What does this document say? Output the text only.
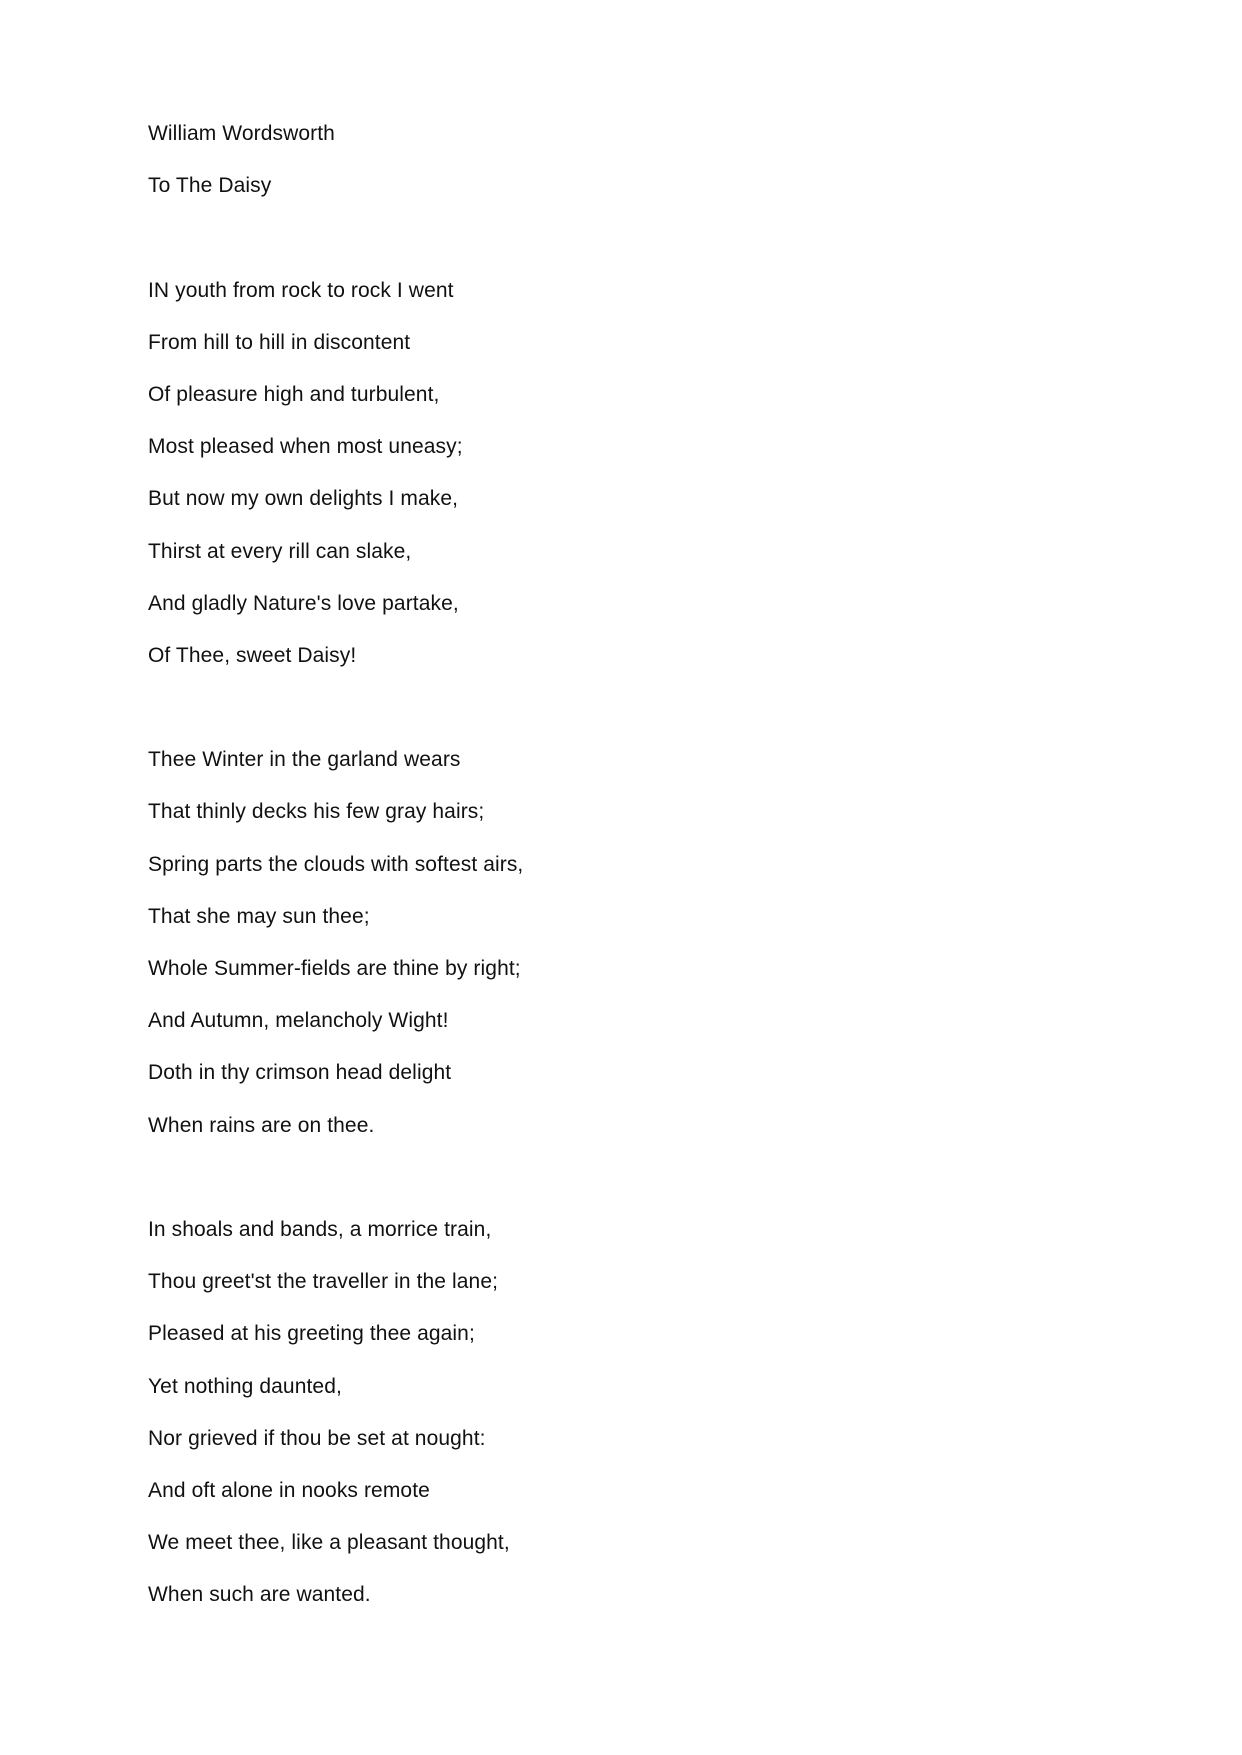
William Wordsworth
To The Daisy
IN youth from rock to rock I went
From hill to hill in discontent
Of pleasure high and turbulent,
Most pleased when most uneasy;
But now my own delights I make,
Thirst at every rill can slake,
And gladly Nature's love partake,
Of Thee, sweet Daisy!
Thee Winter in the garland wears
That thinly decks his few gray hairs;
Spring parts the clouds with softest airs,
That she may sun thee;
Whole Summer-fields are thine by right;
And Autumn, melancholy Wight!
Doth in thy crimson head delight
When rains are on thee.
In shoals and bands, a morrice train,
Thou greet'st the traveller in the lane;
Pleased at his greeting thee again;
Yet nothing daunted,
Nor grieved if thou be set at nought:
And oft alone in nooks remote
We meet thee, like a pleasant thought,
When such are wanted.
